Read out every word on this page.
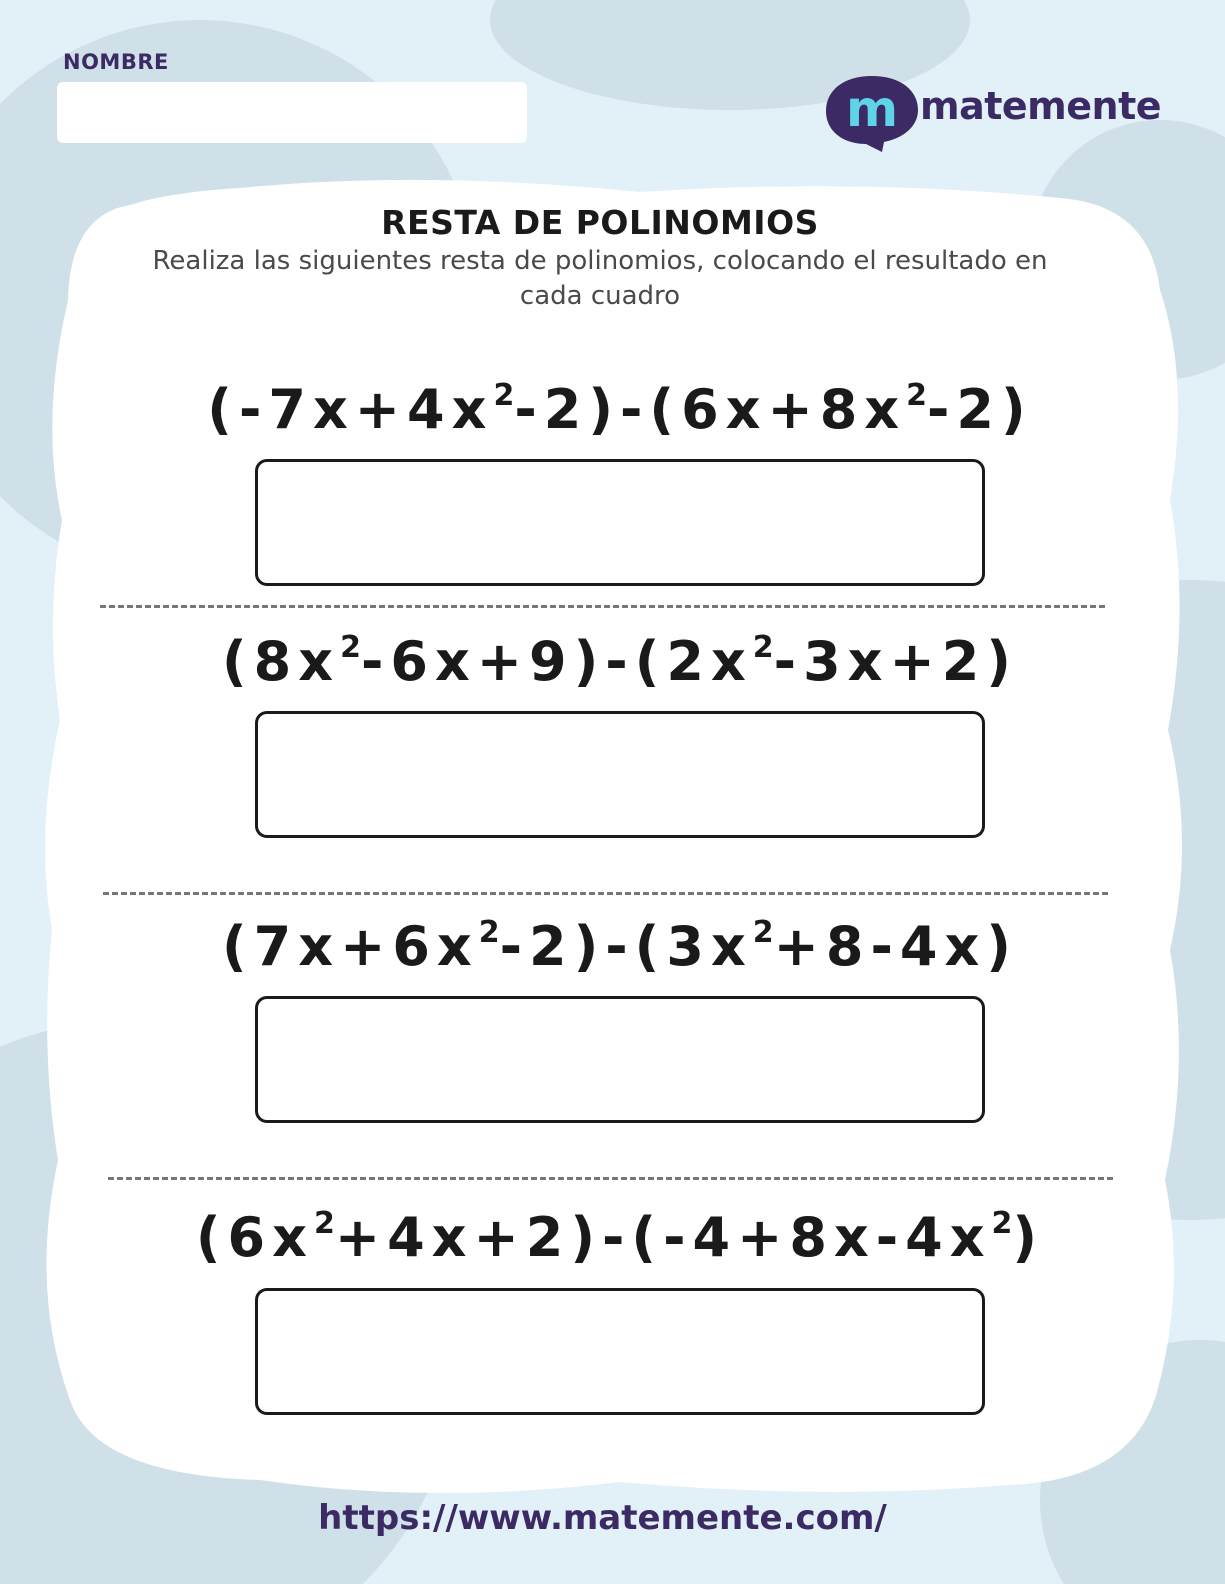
NOMBRE
m matemente
RESTA DE POLINOMIOS
Realiza las siguientes resta de polinomios, colocando el resultado en cada cuadro
$(-7x+4x^2-2)-(6x+8x^2-2)$
$(8x^2-6x+9)-(2x^2-3x+2)$
$(7x+6x^2-2)-(3x^2+8-4x)$
$(6x^2+4x+2)-(-4+8x-4x^2)$
https://www.matemente.com/
